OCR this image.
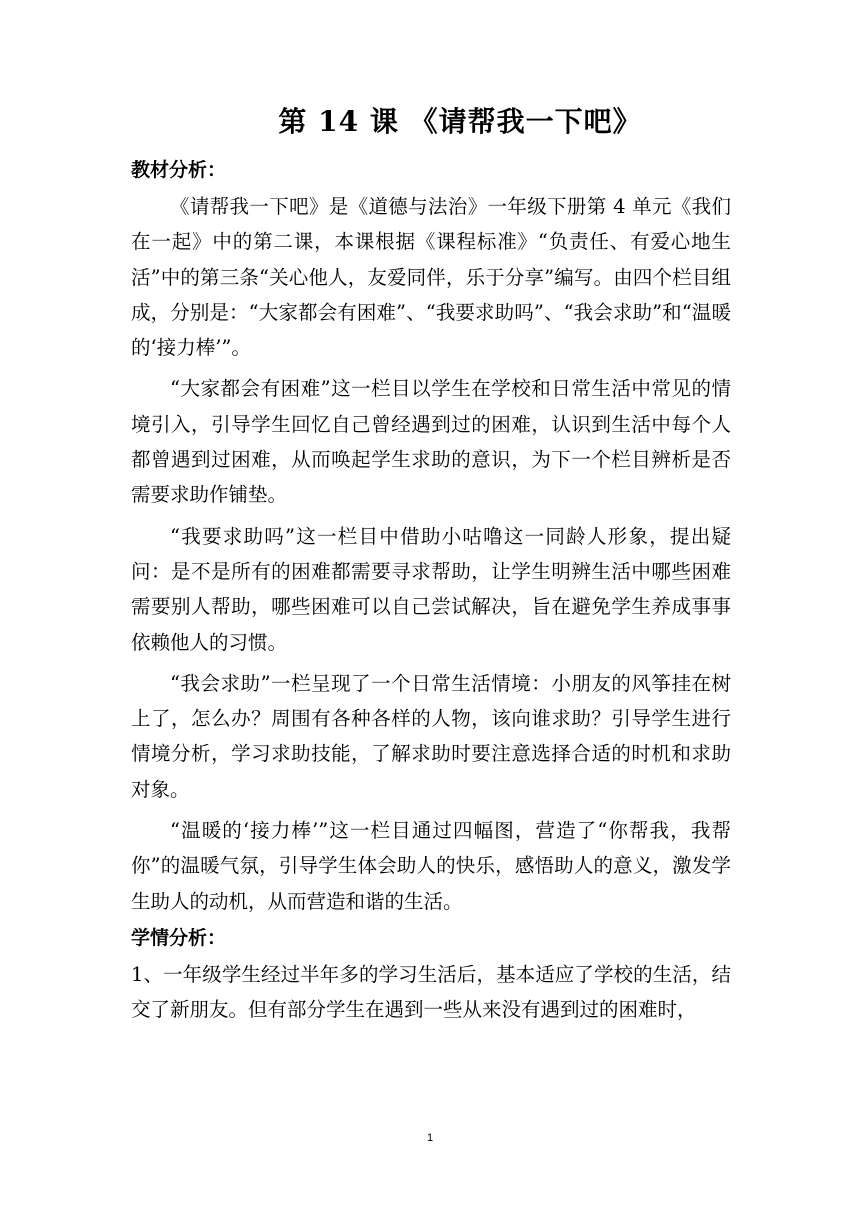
第 14 课 《请帮我一下吧》
教材分析：

《请帮我一下吧》是《道德与法治》一年级下册第 4 单元《我们在一起》中的第二课，本课根据《课程标准》“负责任、有爱心地生活”中的第三条“关心他人，友爱同伴，乐于分享”编写。由四个栏目组成，分别是：“大家都会有困难”、“我要求助吗”、“我会求助”和“温暖的‘接力棒’”。

“大家都会有困难”这一栏目以学生在学校和日常生活中常见的情境引入，引导学生回忆自己曾经遇到过的困难，认识到生活中每个人都曾遇到过困难，从而唤起学生求助的意识，为下一个栏目辨析是否需要求助作铺垫。

“我要求助吗”这一栏目中借助小咕噜这一同龄人形象，提出疑问：是不是所有的困难都需要寻求帮助，让学生明辨生活中哪些困难需要别人帮助，哪些困难可以自己尝试解决，旨在避免学生养成事事依赖他人的习惯。

“我会求助”一栏呈现了一个日常生活情境：小朋友的风筝挂在树上了，怎么办？周围有各种各样的人物，该向谁求助？引导学生进行情境分析，学习求助技能，了解求助时要注意选择合适的时机和求助对象。

“温暖的‘接力棒’”这一栏目通过四幅图，营造了“你帮我，我帮你”的温暖气氛，引导学生体会助人的快乐，感悟助人的意义，激发学生助人的动机，从而营造和谐的生活。

学情分析：

1、一年级学生经过半年多的学习生活后，基本适应了学校的生活，结交了新朋友。但有部分学生在遇到一些从来没有遇到过的困难时，

1
